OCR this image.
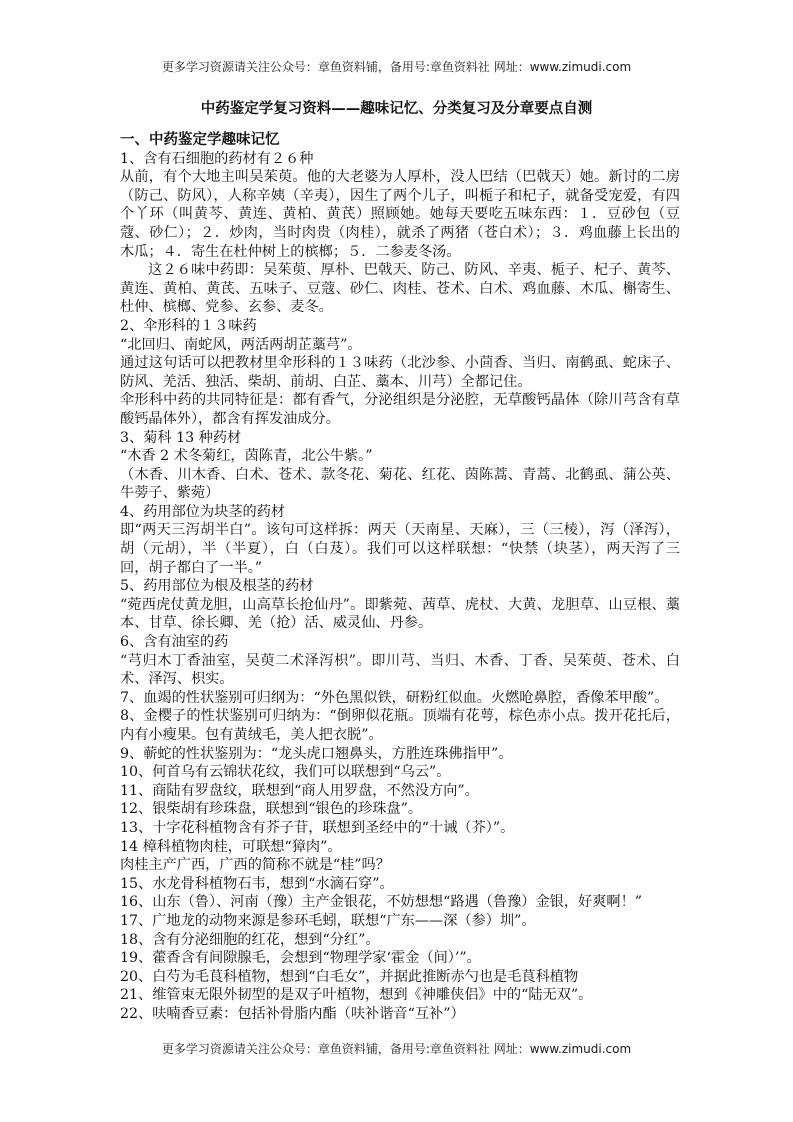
更多学习资源请关注公众号：章鱼资料铺，备用号:章鱼资料社 网址：www.zimudi.com
中药鉴定学复习资料——趣味记忆、分类复习及分章要点自测

一、中药鉴定学趣味记忆

1、含有石细胞的药材有２６种

从前，有个大地主叫吴茱萸。他的大老婆为人厚朴，没人巴结（巴戟天）她。新讨的二房（防己、防风），人称辛姨（辛夷），因生了两个儿子，叫栀子和杞子，就备受宠爱，有四个丫环（叫黄芩、黄连、黄柏、黄芪）照顾她。她每天要吃五味东西：１．豆砂包（豆蔻、砂仁）；２．炒肉，当时肉贵（肉桂），就杀了两猪（苍白术）；３．鸡血藤上长出的木瓜；４．寄生在杜仲树上的槟榔；５．二参麦冬汤。

这２６味中药即：吴茱萸、厚朴、巴戟天、防己、防风、辛夷、栀子、杞子、黄芩、黄连、黄柏、黄芪、五味子、豆蔻、砂仁、肉桂、苍术、白术、鸡血藤、木瓜、槲寄生、杜仲、槟榔、党参、玄参、麦冬。

2、伞形科的１３味药

“北回归、南蛇风，两活两胡芷藁芎”。

通过这句话可以把教材里伞形科的１３味药（北沙参、小茴香、当归、南鹤虱、蛇床子、防风、羌活、独活、柴胡、前胡、白芷、藁本、川芎）全都记住。

伞形科中药的共同特征是：都有香气，分泌组织是分泌腔，无草酸钙晶体（除川芎含有草酸钙晶体外），都含有挥发油成分。

3、菊科 13 种药材

“木香 2 术冬菊红，茵陈青，北公牛紫。”

（木香、川木香、白术、苍术、款冬花、菊花、红花、茵陈蒿、青蒿、北鹤虱、蒲公英、牛蒡子、紫菀）

4、药用部位为块茎的药材

即“两天三泻胡半白”。该句可这样拆：两天（天南星、天麻），三（三棱），泻（泽泻），胡（元胡），半（半夏），白（白芨）。我们可以这样联想：“快禁（块茎），两天泻了三回，胡子都白了一半。”

5、药用部位为根及根茎的药材

“菀西虎仗黄龙胆，山高草长抢仙丹”。即紫菀、茜草、虎杖、大黄、龙胆草、山豆根、藁本、甘草、徐长卿、羌（抢）活、威灵仙、丹参。

6、含有油室的药

“芎归木丁香油室，吴萸二术泽泻枳”。即川芎、当归、木香、丁香、吴茱萸、苍术、白术、泽泻、枳实。

7、血竭的性状鉴别可归纲为：“外色黑似铁，研粉红似血。火燃呛鼻腔，香像苯甲酸”。

8、金樱子的性状鉴别可归纳为：“倒卵似花瓶。顶端有花萼，棕色赤小点。拨开花托后，内有小瘦果。包有黄绒毛，美人把衣脱”。

9、蕲蛇的性状鉴别为：“龙头虎口翘鼻头，方胜连珠佛指甲”。

10、何首乌有云锦状花纹，我们可以联想到“乌云”。

11、商陆有罗盘纹，联想到“商人用罗盘，不然没方向”。

12、银柴胡有珍珠盘，联想到“银色的珍珠盘”。

13、十字花科植物含有芥子苷，联想到圣经中的“十诫（芥）”。

14 樟科植物肉桂，可联想“獐肉”。

肉桂主产广西，广西的简称不就是“桂”吗？

15、水龙骨科植物石韦，想到“水滴石穿”。

16、山东（鲁）、河南（豫）主产金银花，不妨想想“路遇（鲁豫）金银，好爽啊！”

17、广地龙的动物来源是参环毛蚓，联想“广东——深（参）圳”。

18、含有分泌细胞的红花，想到“分红”。

19、藿香含有间隙腺毛，会想到“物理学家‘霍金（间）’”。

20、白芍为毛茛科植物，想到“白毛女”，并据此推断赤勺也是毛茛科植物

21、维管束无限外韧型的是双子叶植物，想到《神雕侠侣》中的“陆无双”。

22、呋喃香豆素：包括补骨脂内酯（呋补谐音“互补”）

更多学习资源请关注公众号：章鱼资料铺，备用号:章鱼资料社 网址：www.zimudi.com
